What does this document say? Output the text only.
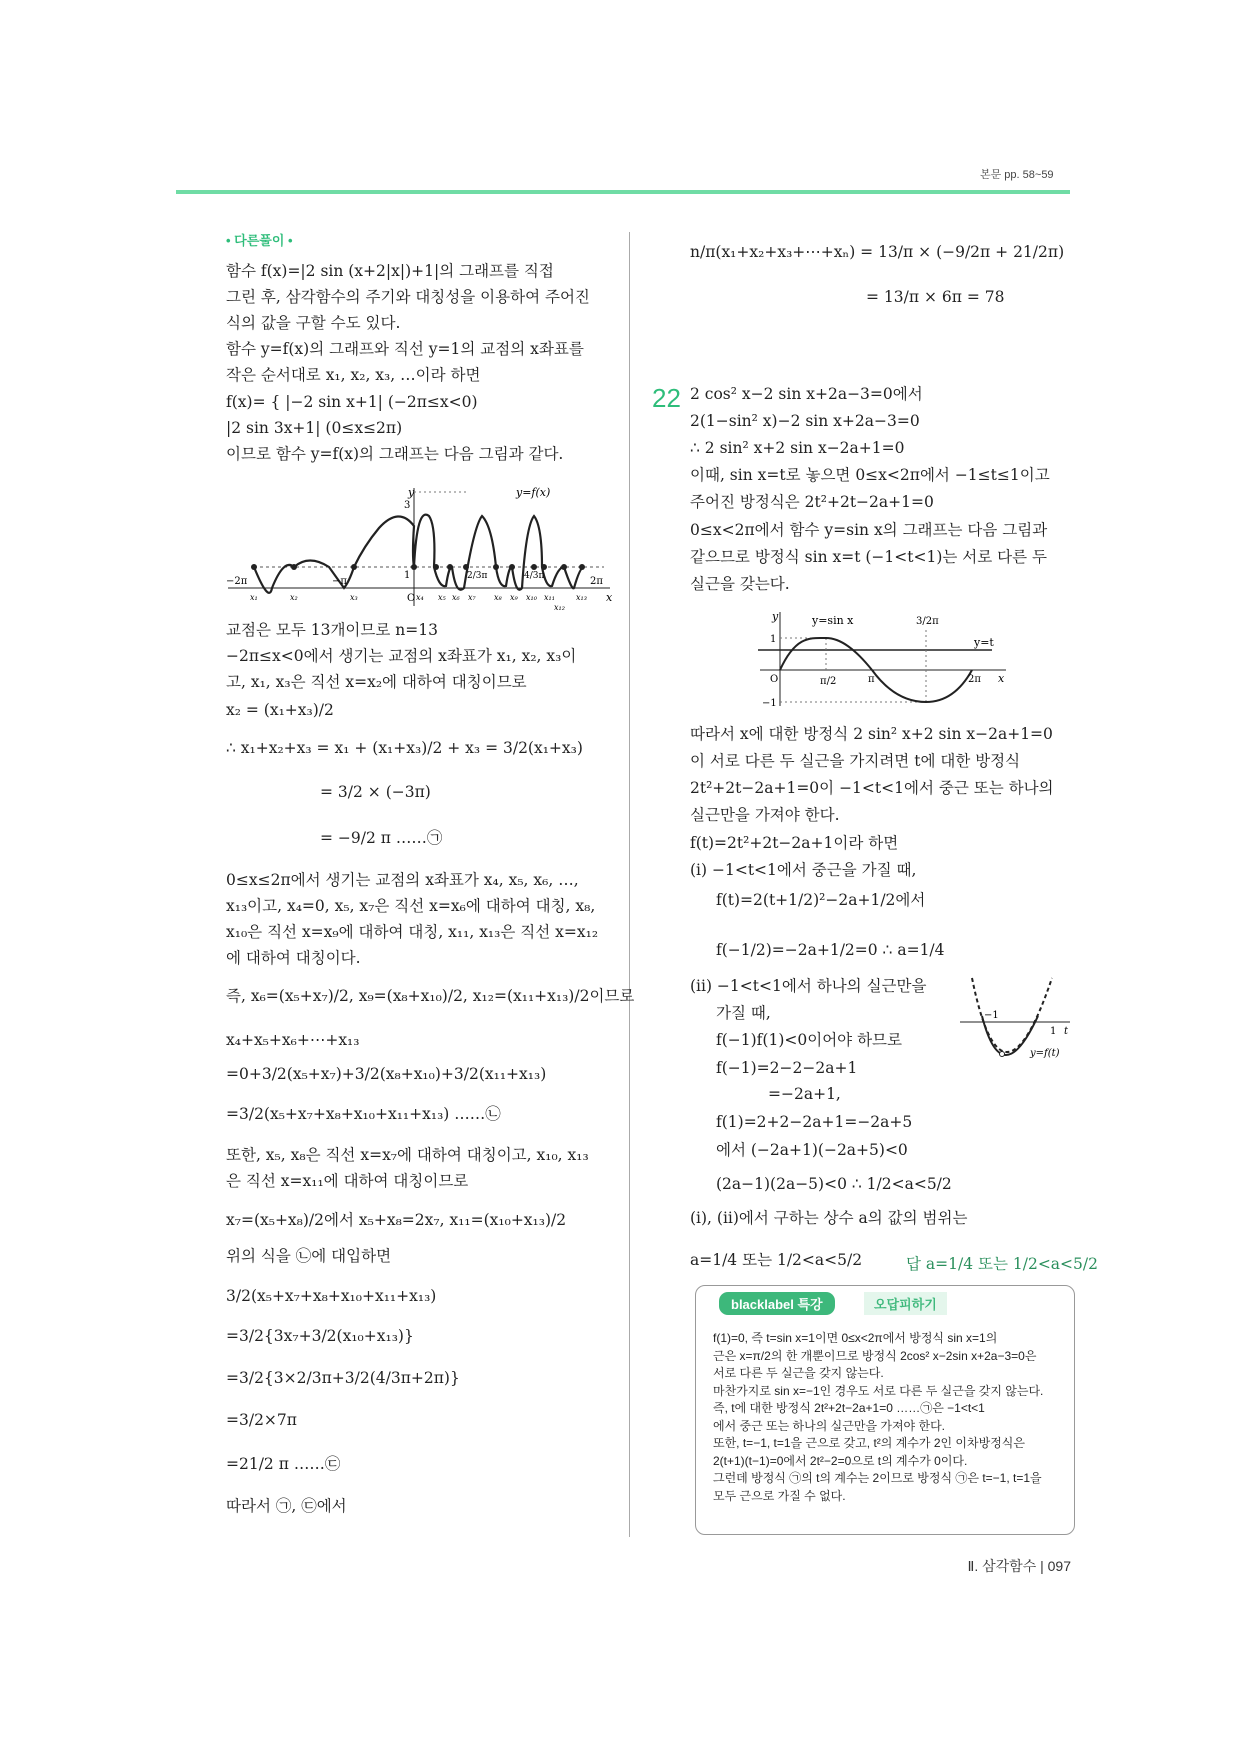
본문 pp. 58~59
• 다른풀이 •
함수 f(x)=|2 sin (x+2|x|)+1|의 그래프를 직접
그린 후, 삼각함수의 주기와 대칭성을 이용하여 주어진
식의 값을 구할 수도 있다.
함수 y=f(x)의 그래프와 직선 y=1의 교점의 x좌표를
작은 순서대로 x₁, x₂, x₃, …이라 하면
f(x)= { |−2 sin x+1| (−2π≤x<0)
|2 sin 3x+1| (0≤x≤2π)
이므로 함수 y=f(x)의 그래프는 다음 그림과 같다.
교점은 모두 13개이므로 n=13
−2π≤x<0에서 생기는 교점의 x좌표가 x₁, x₂, x₃이
고, x₁, x₃은 직선 x=x₂에 대하여 대칭이므로
x₂ = (x₁+x₃)/2
∴ x₁+x₂+x₃ = x₁ + (x₁+x₃)/2 + x₃ = 3/2(x₁+x₃)
= 3/2 × (−3π)
= −9/2 π ……㉠
0≤x≤2π에서 생기는 교점의 x좌표가 x₄, x₅, x₆, …,
x₁₃이고, x₄=0, x₅, x₇은 직선 x=x₆에 대하여 대칭, x₈,
x₁₀은 직선 x=x₉에 대하여 대칭, x₁₁, x₁₃은 직선 x=x₁₂
에 대하여 대칭이다.
즉, x₆=(x₅+x₇)/2, x₉=(x₈+x₁₀)/2, x₁₂=(x₁₁+x₁₃)/2이므로
x₄+x₅+x₆+⋯+x₁₃
=0+3/2(x₅+x₇)+3/2(x₈+x₁₀)+3/2(x₁₁+x₁₃)
=3/2(x₅+x₇+x₈+x₁₀+x₁₁+x₁₃) ……㉡
또한, x₅, x₈은 직선 x=x₇에 대하여 대칭이고, x₁₀, x₁₃
은 직선 x=x₁₁에 대하여 대칭이므로
x₇=(x₅+x₈)/2에서 x₅+x₈=2x₇, x₁₁=(x₁₀+x₁₃)/2
위의 식을 ㉡에 대입하면
3/2(x₅+x₇+x₈+x₁₀+x₁₁+x₁₃)
=3/2{3x₇+3/2(x₁₀+x₁₃)}
=3/2{3×2/3π+3/2(4/3π+2π)}
=3/2×7π
=21/2 π ……㉢
따라서 ㉠, ㉢에서
y
x
y=f(x)
3
1
O
−2π	−π	2π
2/3π	4/3π
x₁	x₂	x₃	x₄ x₅ x₆ x₇ x₈ x₉ x₁₀ x₁₁
x₁₂
x₁₃
n/π(x₁+x₂+x₃+⋯+xₙ) = 13/π × (−9/2π + 21/2π)
= 13/π × 6π = 78
22 2 cos² x−2 sin x+2a−3=0에서
2(1−sin² x)−2 sin x+2a−3=0
∴ 2 sin² x+2 sin x−2a+1=0
이때, sin x=t로 놓으면 0≤x<2π에서 −1≤t≤1이고
주어진 방정식은 2t²+2t−2a+1=0
0≤x<2π에서 함수 y=sin x의 그래프는 다음 그림과
같으므로 방정식 sin x=t (−1<t<1)는 서로 다른 두
실근을 갖는다.
따라서 x에 대한 방정식 2 sin² x+2 sin x−2a+1=0
이 서로 다른 두 실근을 가지려면 t에 대한 방정식
2t²+2t−2a+1=0이 −1<t<1에서 중근 또는 하나의
실근만을 가져야 한다.
f(t)=2t²+2t−2a+1이라 하면
(i) −1<t<1에서 중근을 가질 때,
f(t)=2(t+1/2)²−2a+1/2에서
f(−1/2)=−2a+1/2=0 ∴ a=1/4
(ii) −1<t<1에서 하나의 실근만을
가질 때,
f(−1)f(1)<0이어야 하므로
f(−1)=2−2−2a+1
=−2a+1,
f(1)=2+2−2a+1=−2a+5
에서 (−2a+1)(−2a+5)<0
(2a−1)(2a−5)<0 ∴ 1/2<a<5/2
(i), (ii)에서 구하는 상수 a의 값의 범위는
a=1/4 또는 1/2<a<5/2
y
x
y=sin x
y=t
3/2π
1
−1
O	π/2	π	2π
−1
1 t
y=f(t)
답 a=1/4 또는 1/2<a<5/2
blacklabel 특강	오답피하기
f(1)=0, 즉 t=sin x=1이면 0≤x<2π에서 방정식 sin x=1의
근은 x=π/2의 한 개뿐이므로 방정식 2cos² x−2sin x+2a−3=0은
서로 다른 두 실근을 갖지 않는다.
마찬가지로 sin x=−1인 경우도 서로 다른 두 실근을 갖지 않는다.
즉, t에 대한 방정식 2t²+2t−2a+1=0 ……㉠은 −1<t<1
에서 중근 또는 하나의 실근만을 가져야 한다.
또한, t=−1, t=1을 근으로 갖고, t²의 계수가 2인 이차방정식은
2(t+1)(t−1)=0에서 2t²−2=0으로 t의 계수가 0이다.
그런데 방정식 ㉠의 t의 계수는 2이므로 방정식 ㉠은 t=−1, t=1을
모두 근으로 가질 수 없다.
Ⅱ. 삼각함수 | 097
